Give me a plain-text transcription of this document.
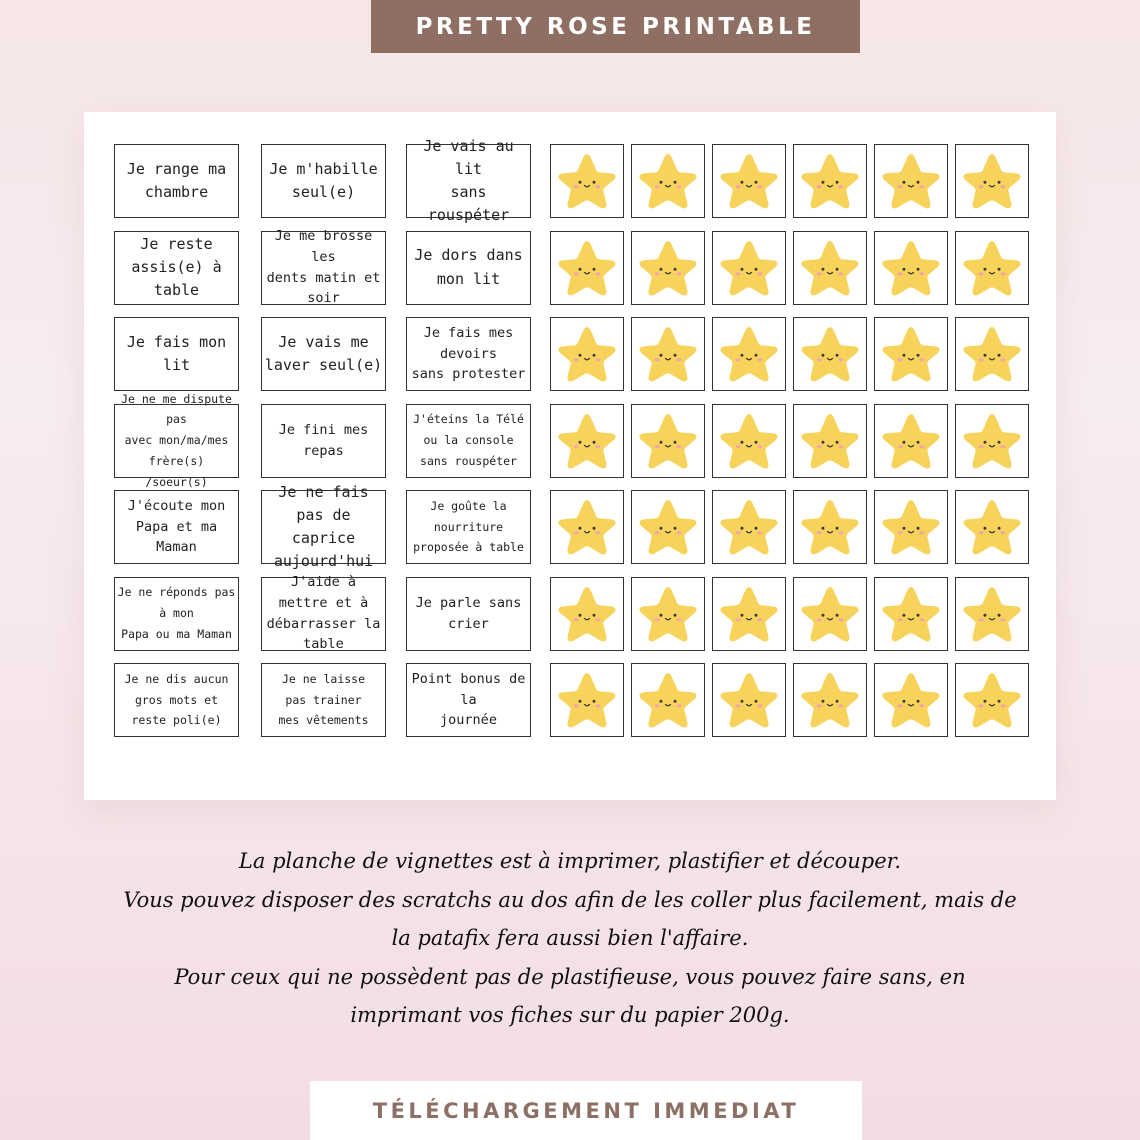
PRETTY ROSE PRINTABLE
Je range ma
chambre
Je m'habille
seul(e)
Je vais au lit
sans rouspéter
Je reste
assis(e) à table
Je me brosse les
dents matin et soir
Je dors dans
mon lit
Je fais mon lit
Je vais me
laver seul(e)
Je fais mes devoirs
sans protester
Je ne me dispute pas
avec mon/ma/mes
frère(s) /soeur(s)
Je fini mes repas
J'éteins la Télé
ou la console
sans rouspéter
J'écoute mon
Papa et ma Maman
Je ne fais pas de
caprice aujourd'hui
Je goûte la
nourriture
proposée à table
Je ne réponds pas à mon
Papa ou ma Maman
J'aide à mettre et à
débarrasser la table
Je parle sans crier
Je ne dis aucun
gros mots et
reste poli(e)
Je ne laisse
pas trainer
mes vêtements
Point bonus de la
journée
La planche de vignettes est à imprimer, plastifier et découper.
Vous pouvez disposer des scratchs au dos afin de les coller plus facilement, mais de
la patafix fera aussi bien l'affaire.
Pour ceux qui ne possèdent pas de plastifieuse, vous pouvez faire sans, en
imprimant vos fiches sur du papier 200g.
TÉLÉCHARGEMENT IMMEDIAT
